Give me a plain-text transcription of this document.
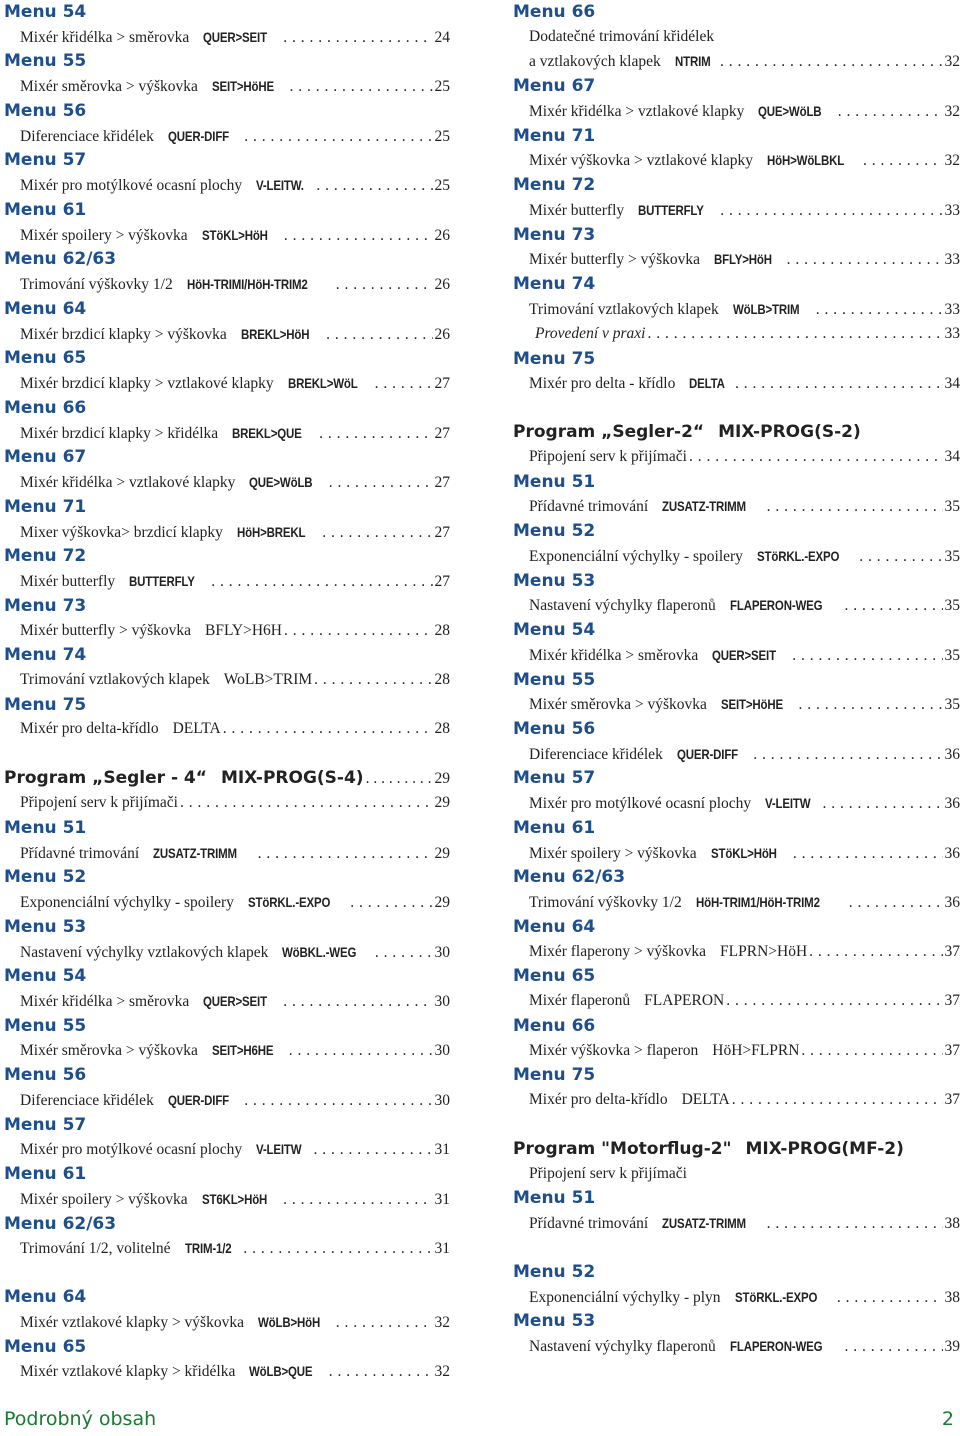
Menu 54
Mixér křidélka > směrovka QUER>SEIT . . .	24
Menu 55
Mixér směrovka > výškovka SEIT>HöHE . . .	25
Menu 56
Diferenciace křidélek QUER-DIFF . . .	25
Menu 57
Mixér pro motýlkové ocasní plochy V-LEITW. . . .	25
Menu 61
Mixér spoilery > výškovka STöKL>HöH . . .	26
Menu 62/63
Trimování výškovky 1/2 HöH-TRIMI/HöH-TRIM2 . . .	26
Menu 64
Mixér brzdicí klapky > výškovka BREKL>HöH . . .	26
Menu 65
Mixér brzdicí klapky > vztlakové klapky BREKL>WöL . . .	27
Menu 66
Mixér brzdicí klapky > křidélka BREKL>QUE . . .	27
Menu 67
Mixér křidélka > vztlakové klapky QUE>WöLB . . .	27
Menu 71
Mixer výškovka> brzdicí klapky HöH>BREKL . . .	27
Menu 72
Mixér butterfly BUTTERFLY . . .	27
Menu 73
Mixér butterfly > výškovka BFLY>H6H . . .	28
Menu 74
Trimování vztlakových klapek WoLB>TRIM . . .	28
Menu 75
Mixér pro delta-křídlo DELTA . . .	28
Program „Segler - 4“ MIX-PROG(S-4) . . .	29
Připojení serv k přijímači . . .	29
Menu 51
Přídavné trimování ZUSATZ-TRIMM . . .	29
Menu 52
Exponenciální výchylky - spoilery STöRKL.-EXPO . . .	29
Menu 53
Nastavení výchylky vztlakových klapek WöBKL.-WEG . . .	30
Menu 54
Mixér křidélka > směrovka QUER>SEIT . . .	30
Menu 55
Mixér směrovka > výškovka SEIT>H6HE . . .	30
Menu 56
Diferenciace křidélek QUER-DIFF . . .	30
Menu 57
Mixér pro motýlkové ocasní plochy V-LEITW . . .	31
Menu 61
Mixér spoilery > výškovka ST6KL>HöH . . .	31
Menu 62/63
Trimování 1/2, volitelné TRIM-1/2 . . .	31
Menu 64
Mixér vztlakové klapky > výškovka WöLB>HöH . . .	32
Menu 65
Mixér vztlakové klapky > křidélka WöLB>QUE . . .	32
Menu 66
Dodatečné trimování křidélek
a vztlakových klapek NTRIM . . .	32
Menu 67
Mixér křidélka > vztlakové klapky QUE>WöLB . . .	32
Menu 71
Mixér výškovka > vztlakové klapky HöH>WöLBKL . . .	32
Menu 72
Mixér butterfly BUTTERFLY . . .	33
Menu 73
Mixér butterfly > výškovka BFLY>HöH . . .	33
Menu 74
Trimování vztlakových klapek WöLB>TRIM . . .	33
Provedení v praxi . . .	33
Menu 75
Mixér pro delta - křídlo DELTA . . .	34
Program „Segler-2“ MIX-PROG(S-2)
Připojení serv k přijímači . . .	34
Menu 51
Přídavné trimování ZUSATZ-TRIMM . . .	35
Menu 52
Exponenciální výchylky - spoilery STöRKL.-EXPO . . .	35
Menu 53
Nastavení výchylky flaperonů FLAPERON-WEG . . .	35
Menu 54
Mixér křidélka > směrovka QUER>SEIT . . .	35
Menu 55
Mixér směrovka > výškovka SEIT>HöHE . . .	35
Menu 56
Diferenciace křidélek QUER-DIFF . . .	36
Menu 57
Mixér pro motýlkové ocasní plochy V-LEITW . . .	36
Menu 61
Mixér spoilery > výškovka STöKL>HöH . . .	36
Menu 62/63
Trimování výškovky 1/2 HöH-TRIM1/HöH-TRIM2 . . .	36
Menu 64
Mixér flaperony > výškovka FLPRN>HöH . . .	37
Menu 65
Mixér flaperonů FLAPERON . . .	37
Menu 66
Mixér výškovka > flaperon HöH>FLPRN . . .	37
Menu 75
Mixér pro delta-křídlo DELTA . . .	37
Program "Motorflug-2" MIX-PROG(MF-2)
Připojení serv k přijímači
Menu 51
Přídavné trimování ZUSATZ-TRIMM . . .	38
Menu 52
Exponenciální výchylky - plyn STöRKL.-EXPO . . .	38
Menu 53
Nastavení výchylky flaperonů FLAPERON-WEG . . .	39
Podrobný obsah	2
